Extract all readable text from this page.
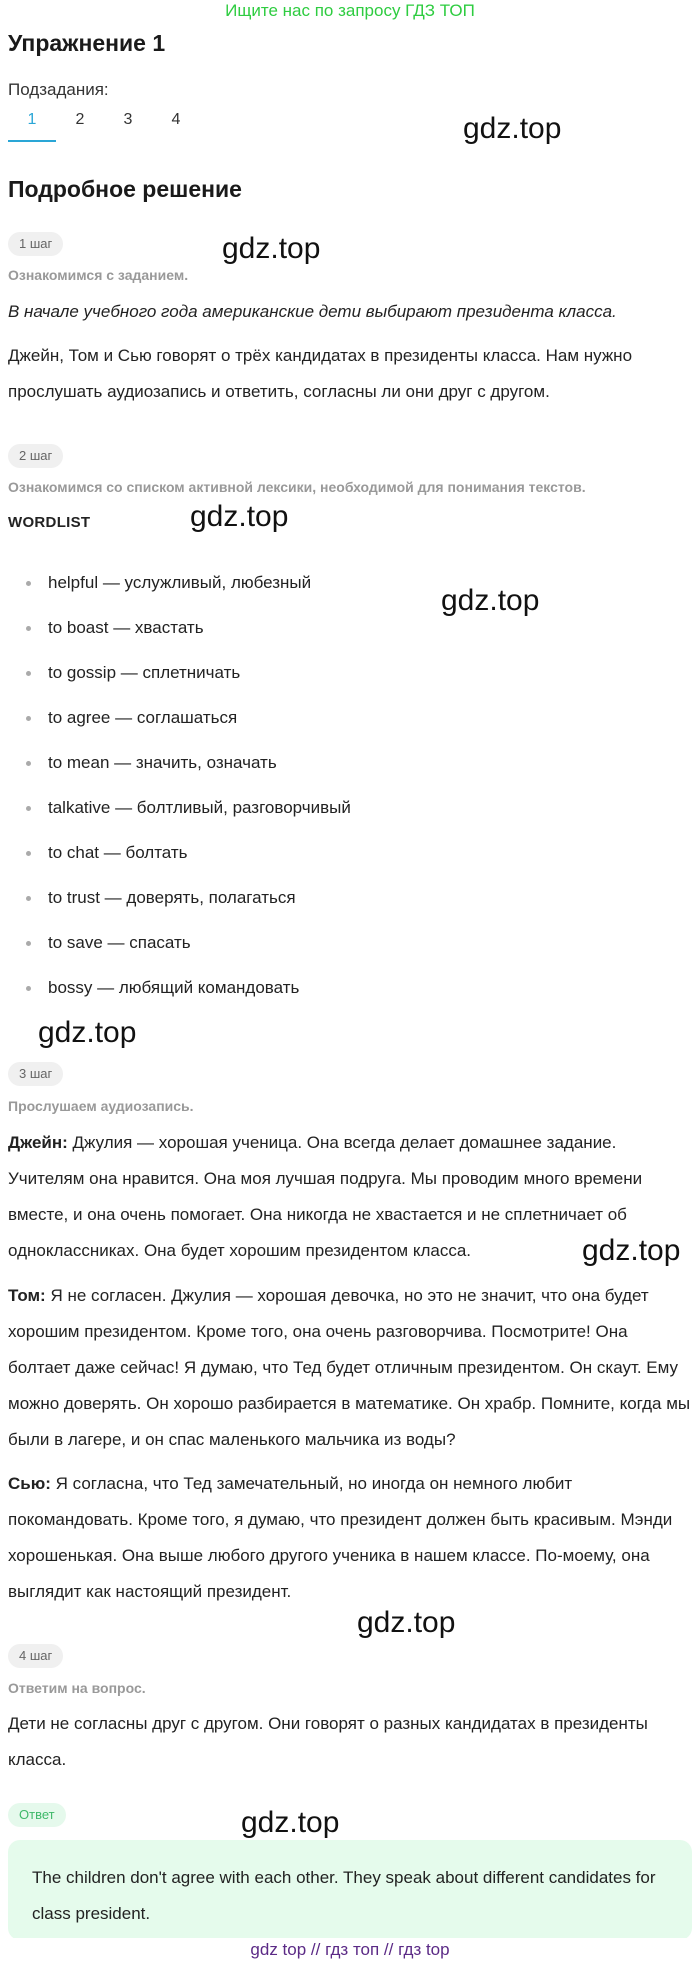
Ищите нас по запросу ГДЗ ТОП
Упражнение 1
Подзадания:
1	2	3	4	gdz.top
Подробное решение
1 шаг	gdz.top
Ознакомимся с заданием.
В начале учебного года американские дети выбирают президента класса.
Джейн, Том и Сью говорят о трёх кандидатах в президенты класса. Нам нужно прослушать аудиозапись и ответить, согласны ли они друг с другом.
2 шаг
Ознакомимся со списком активной лексики, необходимой для понимания текстов.
WORDLIST	gdz.top
helpful — услужливый, любезный
to boast — хвастать
to gossip — сплетничать
to agree — соглашаться
to mean — значить, означать
talkative — болтливый, разговорчивый
to chat — болтать
to trust — доверять, полагаться
to save — спасать
bossy — любящий командовать
gdz.top
gdz.top
3 шаг
Прослушаем аудиозапись.
Джейн: Джулия — хорошая ученица. Она всегда делает домашнее задание. Учителям она нравится. Она моя лучшая подруга. Мы проводим много времени вместе, и она очень помогает. Она никогда не хвастается и не сплетничает об одноклассниках. Она будет хорошим президентом класса.	gdz.top
Том: Я не согласен. Джулия — хорошая девочка, но это не значит, что она будет хорошим президентом. Кроме того, она очень разговорчива. Посмотрите! Она болтает даже сейчас! Я думаю, что Тед будет отличным президентом. Он скаут. Ему можно доверять. Он хорошо разбирается в математике. Он храбр. Помните, когда мы были в лагере, и он спас маленького мальчика из воды?
Сью: Я согласна, что Тед замечательный, но иногда он немного любит покомандовать. Кроме того, я думаю, что президент должен быть красивым. Мэнди хорошенькая. Она выше любого другого ученика в нашем классе. По-моему, она выглядит как настоящий президент.
gdz.top
4 шаг
Ответим на вопрос.
Дети не согласны друг с другом. Они говорят о разных кандидатах в президенты класса.
Ответ	gdz.top
The children don't agree with each other. They speak about different candidates for class president.
gdz top // гдз топ // гдз top
